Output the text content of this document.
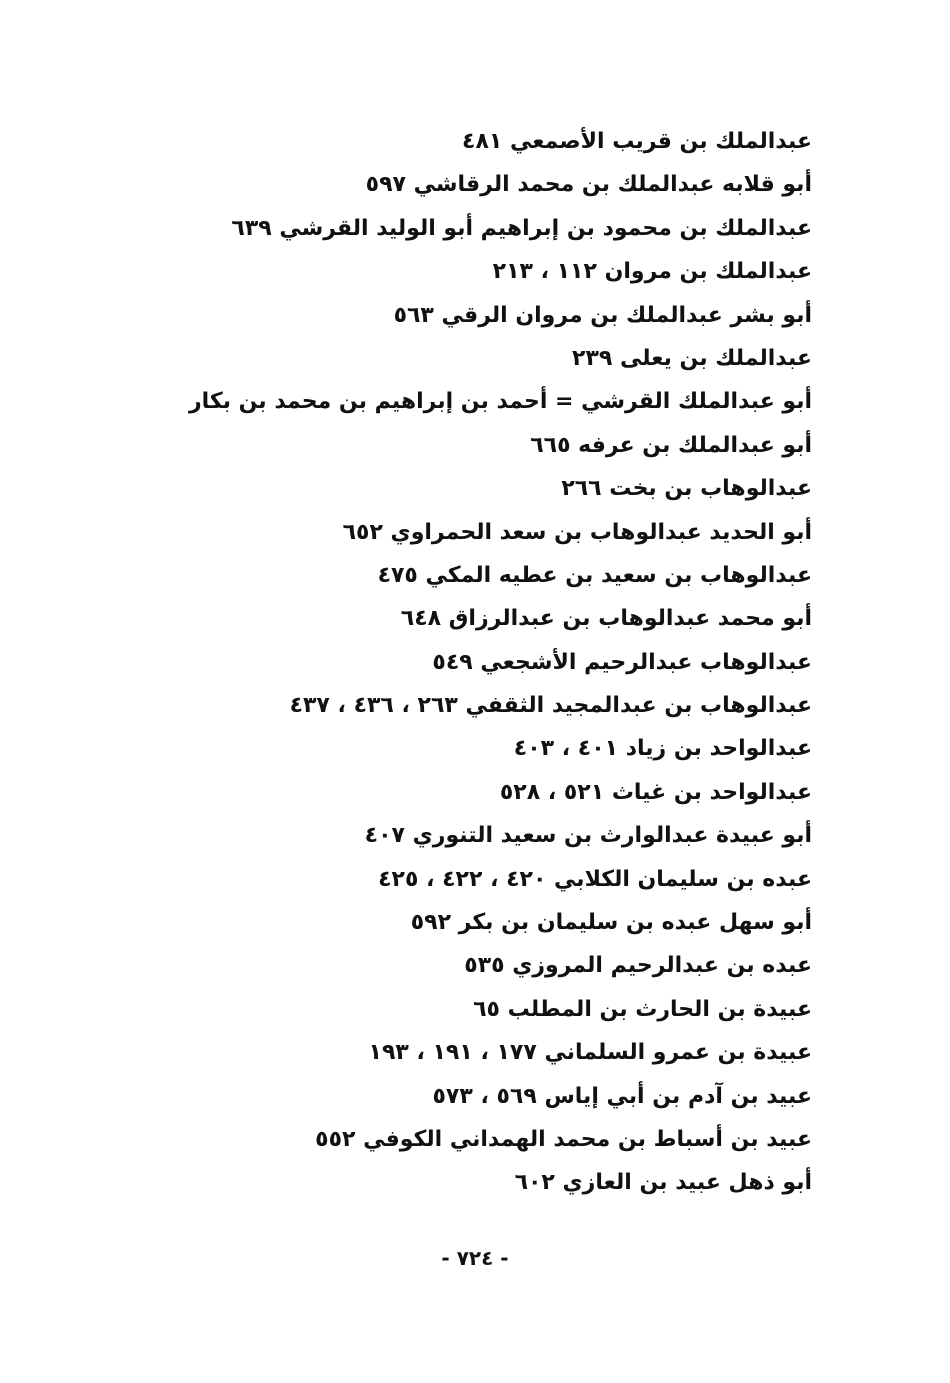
عبدالملك بن قريب الأصمعي ٤٨١
أبو قلابه عبدالملك بن محمد الرقاشي ٥٩٧
عبدالملك بن محمود بن إبراهيم أبو الوليد القرشي ٦٣٩
عبدالملك بن مروان ١١٢ ، ٢١٣
أبو بشر عبدالملك بن مروان الرقي ٥٦٣
عبدالملك بن يعلى ٢٣٩
أبو عبدالملك القرشي = أحمد بن إبراهيم بن محمد بن بكار
أبو عبدالملك بن عرفه ٦٦٥
عبدالوهاب بن بخت ٢٦٦
أبو الحديد عبدالوهاب بن سعد الحمراوي ٦٥٢
عبدالوهاب بن سعيد بن عطيه المكي ٤٧٥
أبو محمد عبدالوهاب بن عبدالرزاق ٦٤٨
عبدالوهاب عبدالرحيم الأشجعي ٥٤٩
عبدالوهاب بن عبدالمجيد الثقفي ٢٦٣ ، ٤٣٦ ، ٤٣٧
عبدالواحد بن زياد ٤٠١ ، ٤٠٣
عبدالواحد بن غياث ٥٢١ ، ٥٢٨
أبو عبيدة عبدالوارث بن سعيد التنوري ٤٠٧
عبده بن سليمان الكلابي ٤٢٠ ، ٤٢٢ ، ٤٢٥
أبو سهل عبده بن سليمان بن بكر ٥٩٢
عبده بن عبدالرحيم المروزي ٥٣٥
عبيدة بن الحارث بن المطلب ٦٥
عبيدة بن عمرو السلماني ١٧٧ ، ١٩١ ، ١٩٣
عبيد بن آدم بن أبي إياس ٥٦٩ ، ٥٧٣
عبيد بن أسباط بن محمد الهمداني الكوفي ٥٥٢
أبو ذهل عبيد بن العازي ٦٠٢
- ٧٢٤ -
